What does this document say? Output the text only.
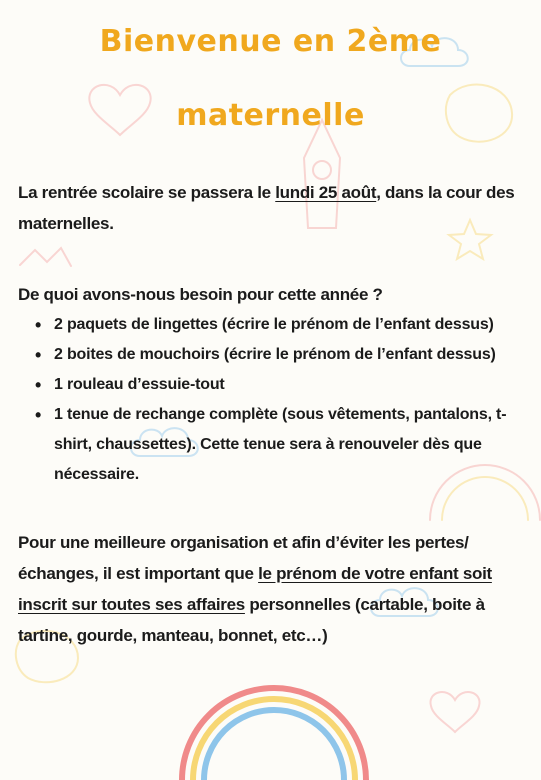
Bienvenue en 2ème
maternelle
La rentrée scolaire se passera le lundi 25 août, dans la cour des maternelles.
De quoi avons-nous besoin pour cette année ?
• 2 paquets de lingettes (écrire le prénom de l’enfant dessus)
• 2 boites de mouchoirs (écrire le prénom de l’enfant dessus)
• 1 rouleau d’essuie-tout
• 1 tenue de rechange complète (sous vêtements, pantalons, t-shirt, chaussettes). Cette tenue sera à renouveler dès que nécessaire.
Pour une meilleure organisation et afin d’éviter les pertes/ échanges, il est important que le prénom de votre enfant soit inscrit sur toutes ses affaires personnelles (cartable, boite à tartine, gourde, manteau, bonnet, etc…)
